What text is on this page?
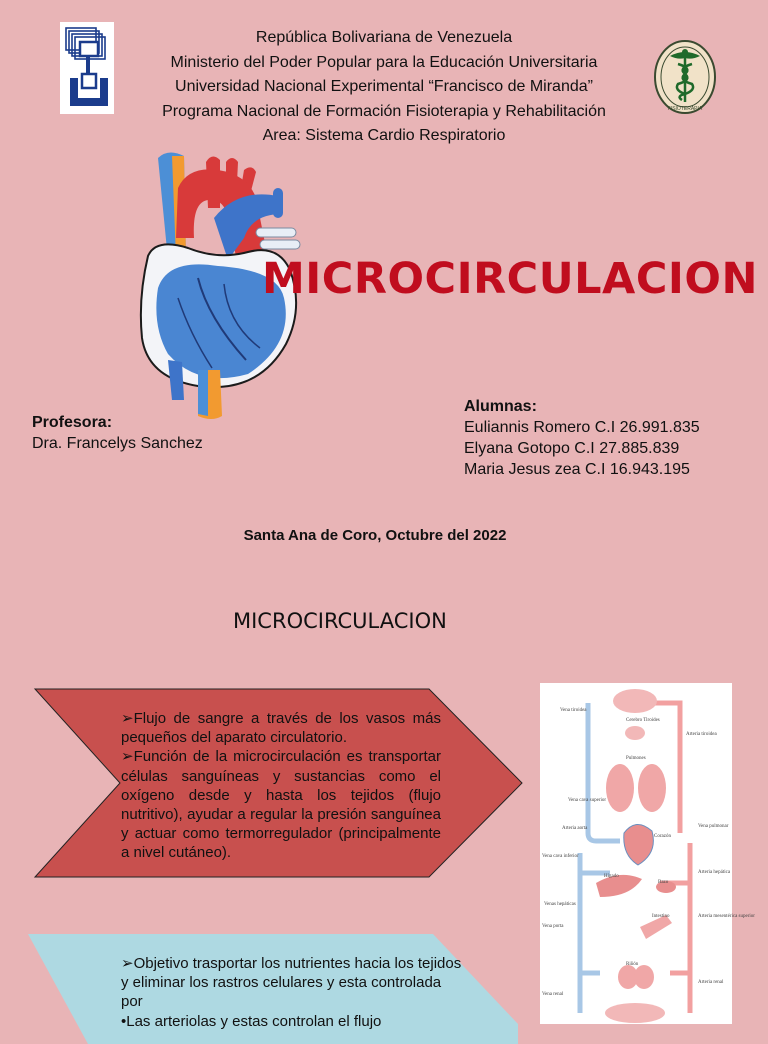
República Bolivariana de Venezuela
Ministerio del Poder Popular para la Educación Universitaria
Universidad Nacional Experimental “Francisco de Miranda”
Programa Nacional de Formación Fisioterapia y Rehabilitación
Area: Sistema Cardio Respiratorio
FISIOTERAPIA
MICROCIRCULACION
Profesora:
Dra. Francelys Sanchez
Alumnas:
Euliannis Romero C.I 26.991.835
Elyana Gotopo C.I 27.885.839
Maria Jesus zea C.I 16.943.195
Santa Ana de Coro, Octubre del 2022
MICROCIRCULACION
➢Flujo de sangre a través de los vasos más pequeños del aparato circulatorio.
➢Función de la microcirculación es transportar células sanguíneas y sustancias como el oxígeno desde y hasta los tejidos (flujo nutritivo), ayudar a regular la presión sanguínea y actuar como termorregulador (principalmente a nivel cutáneo).
➢Objetivo trasportar los nutrientes hacia los tejidos y eliminar los rastros celulares y esta controlada por
•Las arteriolas y estas controlan el flujo
Vena tiroidea
Vena cava superior
Arteria aorta
Vena cava inferior
Venas hepáticas
Vena porta
Vena renal
Cerebro Tiroides
Pulmones
Corazón
Hígado
Bazo
Intestino
Riñón
Arteria tiroidea
Vena pulmonar
Arteria hepática
Arteria mesentérica superior
Arteria renal
